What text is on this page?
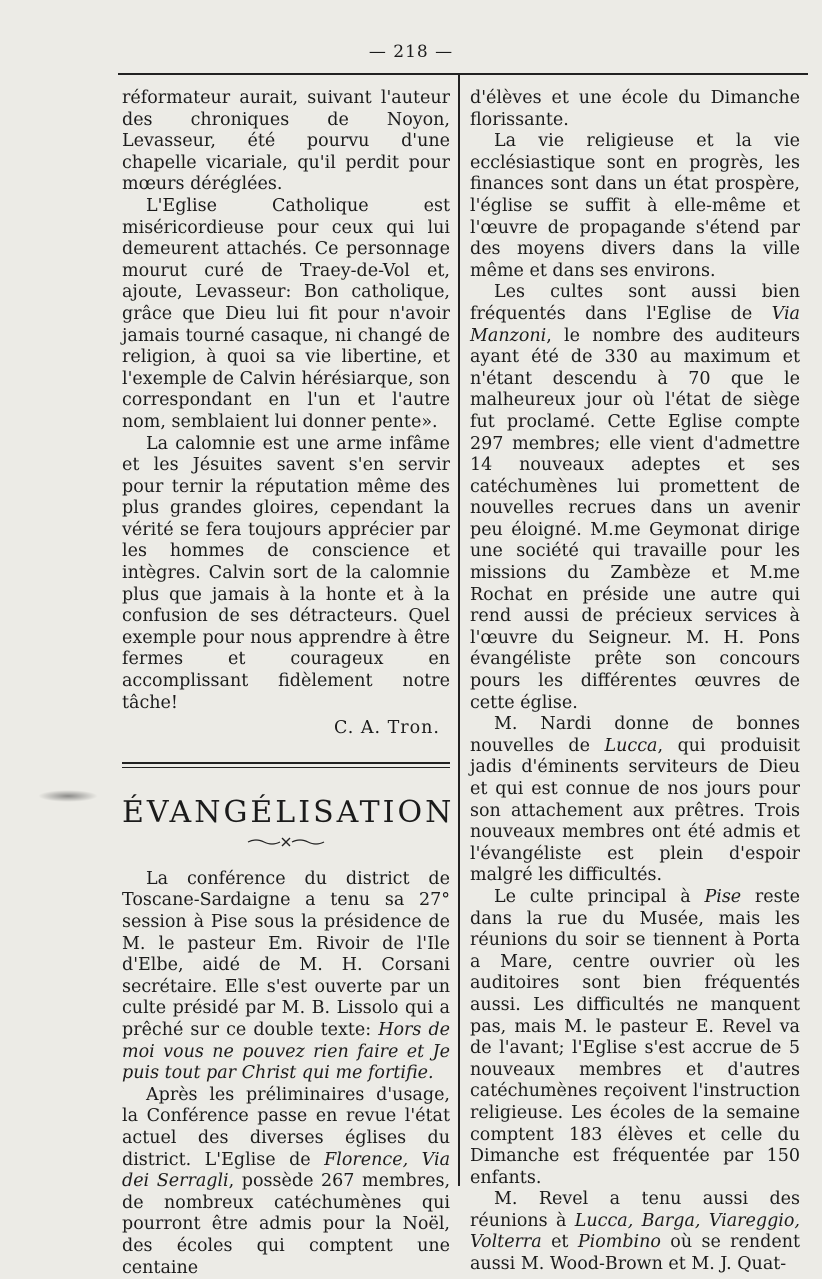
— 218 —

réformateur aurait, suivant l'auteur des chroniques de Noyon, Levasseur, été pourvu d'une chapelle vicariale, qu'il perdit pour mœurs déréglées.

L'Eglise Catholique est miséricordieuse pour ceux qui lui demeurent attachés. Ce personnage mourut curé de Traey-de-Vol et, ajoute, Levasseur: Bon catholique, grâce que Dieu lui fit pour n'avoir jamais tourné casaque, ni changé de religion, à quoi sa vie libertine, et l'exemple de Calvin hérésiarque, son correspondant en l'un et l'autre nom, semblaient lui donner pente».

La calomnie est une arme infâme et les Jésuites savent s'en servir pour ternir la réputation même des plus grandes gloires, cependant la vérité se fera toujours apprécier par les hommes de conscience et intègres. Calvin sort de la calomnie plus que jamais à la honte et à la confusion de ses détracteurs. Quel exemple pour nous apprendre à être fermes et courageux en accomplissant fidèlement notre tâche!

C. A. Tron.
ÉVANGÉLISATION

La conférence du district de Toscane-Sardaigne a tenu sa 27° session à Pise sous la présidence de M. le pasteur Em. Rivoir de l'Ile d'Elbe, aidé de M. H. Corsani secrétaire. Elle s'est ouverte par un culte présidé par M. B. Lissolo qui a prêché sur ce double texte: Hors de moi vous ne pouvez rien faire et Je puis tout par Christ qui me fortifie.

Après les préliminaires d'usage, la Conférence passe en revue l'état actuel des diverses églises du district. L'Eglise de Florence, Via dei Serragli, possède 267 membres, de nombreux catéchumènes qui pourront être admis pour la Noël, des écoles qui comptent une centaine

d'élèves et une école du Dimanche florissante.

La vie religieuse et la vie ecclésiastique sont en progrès, les finances sont dans un état prospère, l'église se suffit à elle-même et l'œuvre de propagande s'étend par des moyens divers dans la ville même et dans ses environs.

Les cultes sont aussi bien fréquentés dans l'Eglise de Via Manzoni, le nombre des auditeurs ayant été de 330 au maximum et n'étant descendu à 70 que le malheureux jour où l'état de siège fut proclamé. Cette Eglise compte 297 membres; elle vient d'admettre 14 nouveaux adeptes et ses catéchumènes lui promettent de nouvelles recrues dans un avenir peu éloigné. M.me Geymonat dirige une société qui travaille pour les missions du Zambèze et M.me Rochat en préside une autre qui rend aussi de précieux services à l'œuvre du Seigneur. M. H. Pons évangéliste prête son concours pours les différentes œuvres de cette église.

M. Nardi donne de bonnes nouvelles de Lucca, qui produisit jadis d'éminents serviteurs de Dieu et qui est connue de nos jours pour son attachement aux prêtres. Trois nouveaux membres ont été admis et l'évangéliste est plein d'espoir malgré les difficultés.

Le culte principal à Pise reste dans la rue du Musée, mais les réunions du soir se tiennent à Porta a Mare, centre ouvrier où les auditoires sont bien fréquentés aussi. Les difficultés ne manquent pas, mais M. le pasteur E. Revel va de l'avant; l'Eglise s'est accrue de 5 nouveaux membres et d'autres catéchumènes reçoivent l'instruction religieuse. Les écoles de la semaine comptent 183 élèves et celle du Dimanche est fréquentée par 150 enfants.

M. Revel a tenu aussi des réunions à Lucca, Barga, Viareggio, Volterra et Piombino où se rendent aussi M. Wood-Brown et M. J. Quat-
